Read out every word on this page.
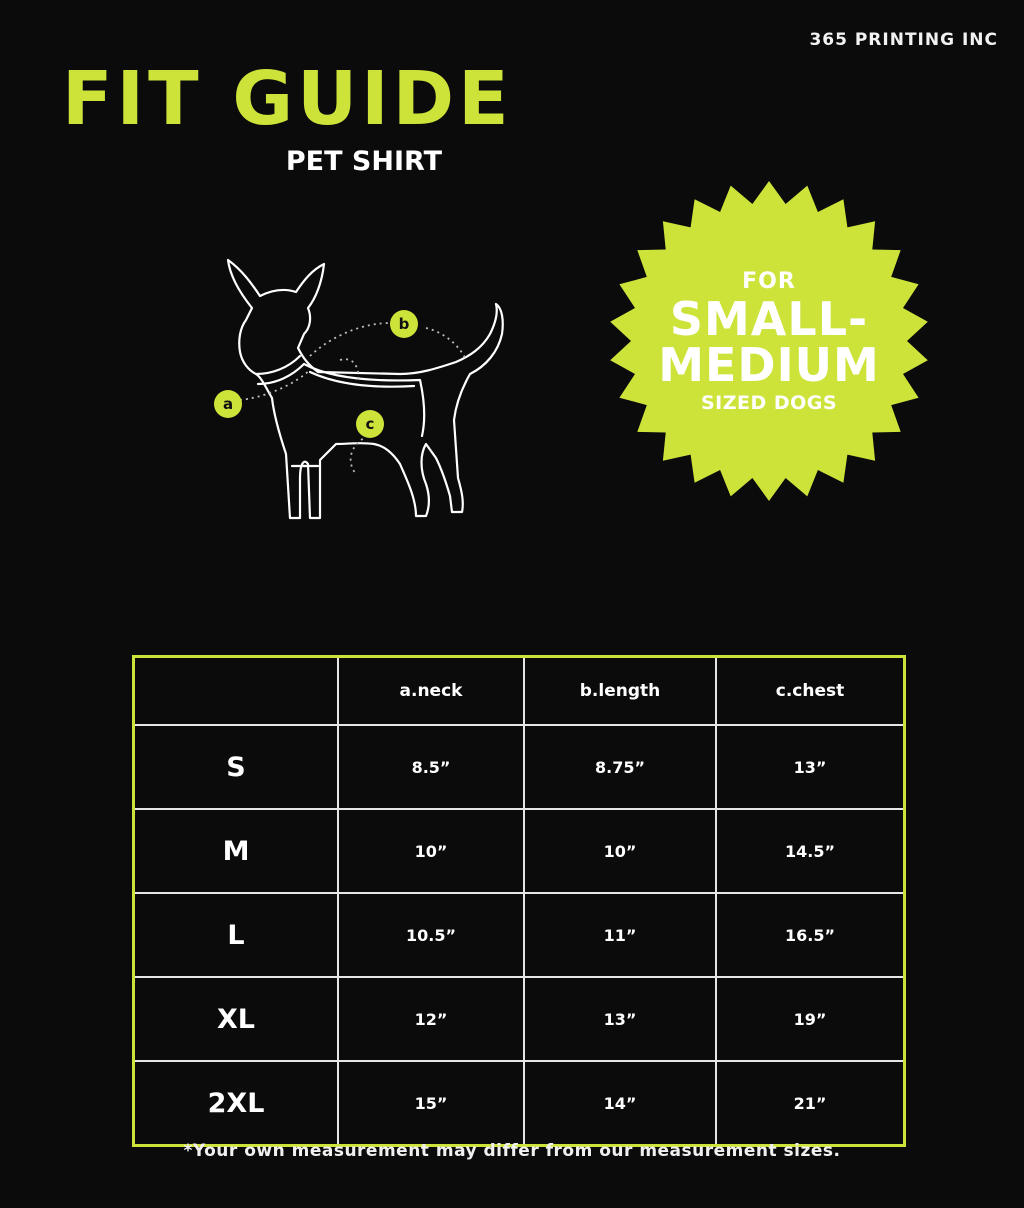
365 PRINTING INC
FIT GUIDE
PET SHIRT
a
b
c
FOR
SMALL-
MEDIUM
SIZED DOGS
	a.neck	b.length	c.chest
S	8.5”	8.75”	13”
M	10”	10”	14.5”
L	10.5”	11”	16.5”
XL	12”	13”	19”
2XL	15”	14”	21”
*Your own measurement may differ from our measurement sizes.
